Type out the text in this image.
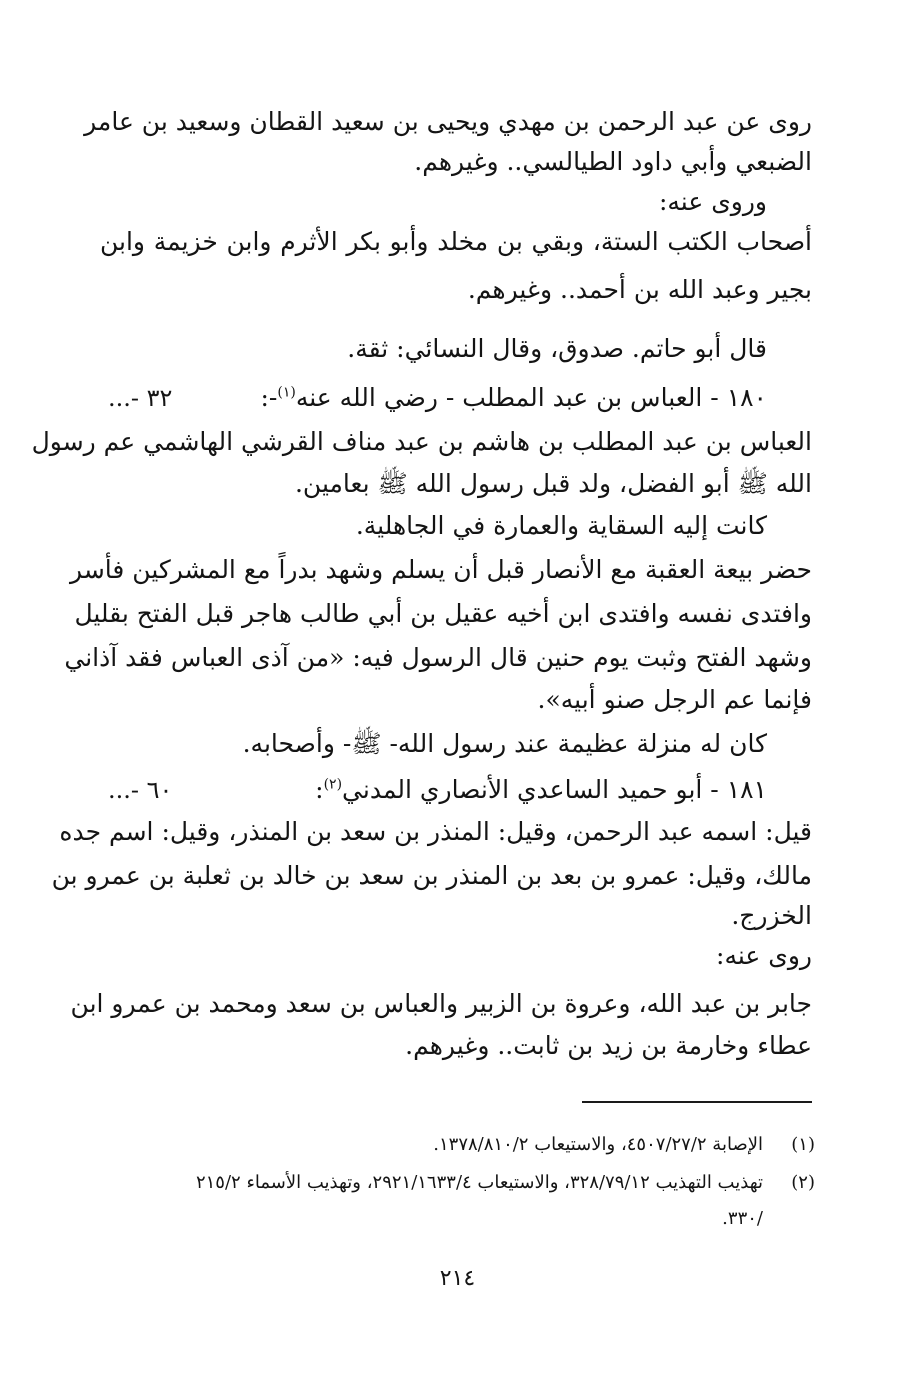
روى عن عبد الرحمن بن مهدي ويحيى بن سعيد القطان وسعيد بن عامر
الضبعي وأبي داود الطيالسي.. وغيرهم.
وروى عنه:
أصحاب الكتب الستة، وبقي بن مخلد وأبو بكر الأثرم وابن خزيمة وابن
بجير وعبد الله بن أحمد.. وغيرهم.
قال أبو حاتم. صدوق، وقال النسائي: ثقة.
١٨٠ - العباس بن عبد المطلب - رضي الله عنه$^{(١)}$-:
...- ٣٢
العباس بن عبد المطلب بن هاشم بن عبد مناف القرشي الهاشمي عم رسول
الله ﷺ أبو الفضل، ولد قبل رسول الله ﷺ بعامين.
كانت إليه السقاية والعمارة في الجاهلية.
حضر بيعة العقبة مع الأنصار قبل أن يسلم وشهد بدراً مع المشركين فأسر
وافتدى نفسه وافتدى ابن أخيه عقيل بن أبي طالب هاجر قبل الفتح بقليل
وشهد الفتح وثبت يوم حنين قال الرسول فيه: «من آذى العباس فقد آذاني
فإنما عم الرجل صنو أبيه».
كان له منزلة عظيمة عند رسول الله- ﷺ- وأصحابه.
١٨١ - أبو حميد الساعدي الأنصاري المدني$^{(٢)}$:
...- ٦٠
قيل: اسمه عبد الرحمن، وقيل: المنذر بن سعد بن المنذر، وقيل: اسم جده
مالك، وقيل: عمرو بن بعد بن المنذر بن سعد بن خالد بن ثعلبة بن عمرو بن
الخزرج.
روى عنه:
جابر بن عبد الله، وعروة بن الزبير والعباس بن سعد ومحمد بن عمرو ابن
عطاء وخارمة بن زيد بن ثابت.. وغيرهم.
(١)
الإصابة ٤٥٠٧/٢٧/٢، والاستيعاب ١٣٧٨/٨١٠/٢.
(٢)
تهذيب التهذيب ٣٢٨/٧٩/١٢، والاستيعاب ٢٩٢١/١٦٣٣/٤، وتهذيب الأسماء ٢١٥/٢
/٣٣٠.
٢١٤
